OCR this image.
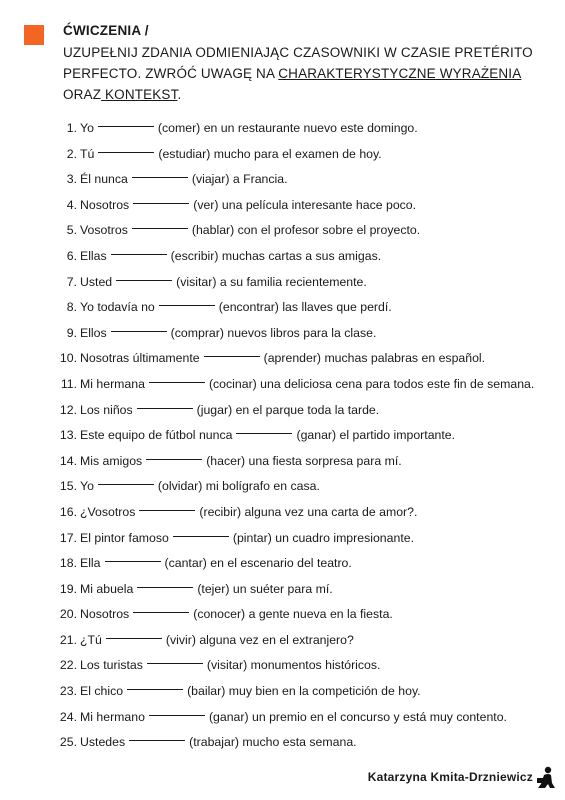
ĆWICZENIA /
UZUPEŁNIJ ZDANIA ODMIENIAJĄC CZASOWNIKI W CZASIE PRETÉRITO
PERFECTO. ZWRÓĆ UWAGĘ NA CHARAKTERYSTYCZNE WYRAŻENIA
ORAZ KONTEKST.
1. Yo	(comer) en un restaurante nuevo este domingo.
2. Tú	(estudiar) mucho para el examen de hoy.
3. Él nunca	(viajar) a Francia.
4. Nosotros	(ver) una película interesante hace poco.
5. Vosotros	(hablar) con el profesor sobre el proyecto.
6. Ellas	(escribir) muchas cartas a sus amigas.
7. Usted	(visitar) a su familia recientemente.
8. Yo todavía no	(encontrar) las llaves que perdí.
9. Ellos	(comprar) nuevos libros para la clase.
10. Nosotras últimamente	(aprender) muchas palabras en español.
11. Mi hermana	(cocinar) una deliciosa cena para todos este fin de semana.
12. Los niños	(jugar) en el parque toda la tarde.
13. Este equipo de fútbol nunca	(ganar) el partido importante.
14. Mis amigos	(hacer) una fiesta sorpresa para mí.
15. Yo	(olvidar) mi bolígrafo en casa.
16. ¿Vosotros	(recibir) alguna vez una carta de amor?.
17. El pintor famoso	(pintar) un cuadro impresionante.
18. Ella	(cantar) en el escenario del teatro.
19. Mi abuela	(tejer) un suéter para mí.
20. Nosotros	(conocer) a gente nueva en la fiesta.
21. ¿Tú	(vivir) alguna vez en el extranjero?
22. Los turistas	(visitar) monumentos históricos.
23. El chico	(bailar) muy bien en la competición de hoy.
24. Mi hermano	(ganar) un premio en el concurso y está muy contento.
25. Ustedes	(trabajar) mucho esta semana.
Katarzyna Kmita-Drzniewicz
